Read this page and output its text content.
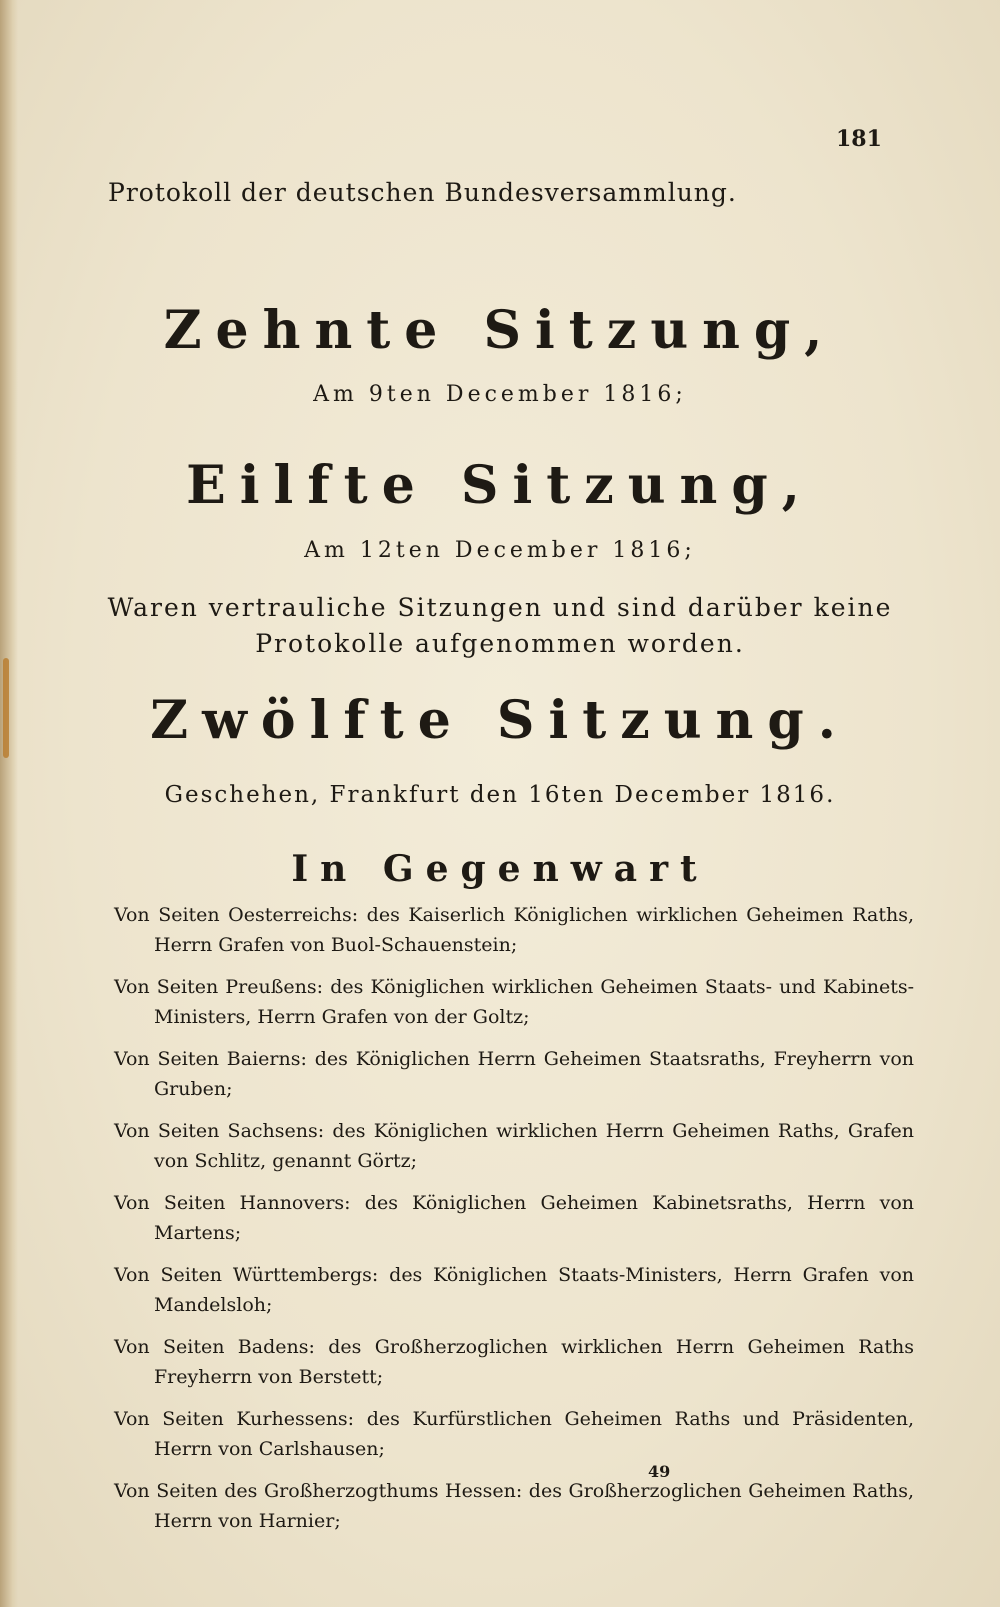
181

Protokoll der deutschen Bundesversammlung.

Zehnte Sitzung,

Am 9ten December 1816;

Eilfte Sitzung,

Am 12ten December 1816;

Waren vertrauliche Sitzungen und sind darüber keine

Protokolle aufgenommen worden.

Zwölfte Sitzung.

Geschehen, Frankfurt den 16ten December 1816.

In Gegenwart

Von Seiten Oesterreichs: des Kaiserlich Königlichen wirklichen Geheimen Raths, Herrn Grafen von Buol-Schauenstein;

Von Seiten Preußens: des Königlichen wirklichen Geheimen Staats- und Kabinets-Ministers, Herrn Grafen von der Goltz;

Von Seiten Baierns: des Königlichen Herrn Geheimen Staatsraths, Freyherrn von Gruben;

Von Seiten Sachsens: des Königlichen wirklichen Herrn Geheimen Raths, Grafen von Schlitz, genannt Görtz;

Von Seiten Hannovers: des Königlichen Geheimen Kabinetsraths, Herrn von Martens;

Von Seiten Württembergs: des Königlichen Staats-Ministers, Herrn Grafen von Mandelsloh;

Von Seiten Badens: des Großherzoglichen wirklichen Herrn Geheimen Raths Freyherrn von Berstett;

Von Seiten Kurhessens: des Kurfürstlichen Geheimen Raths und Präsidenten, Herrn von Carlshausen;

Von Seiten des Großherzogthums Hessen: des Großherzoglichen Geheimen Raths, Herrn von Harnier;

49
